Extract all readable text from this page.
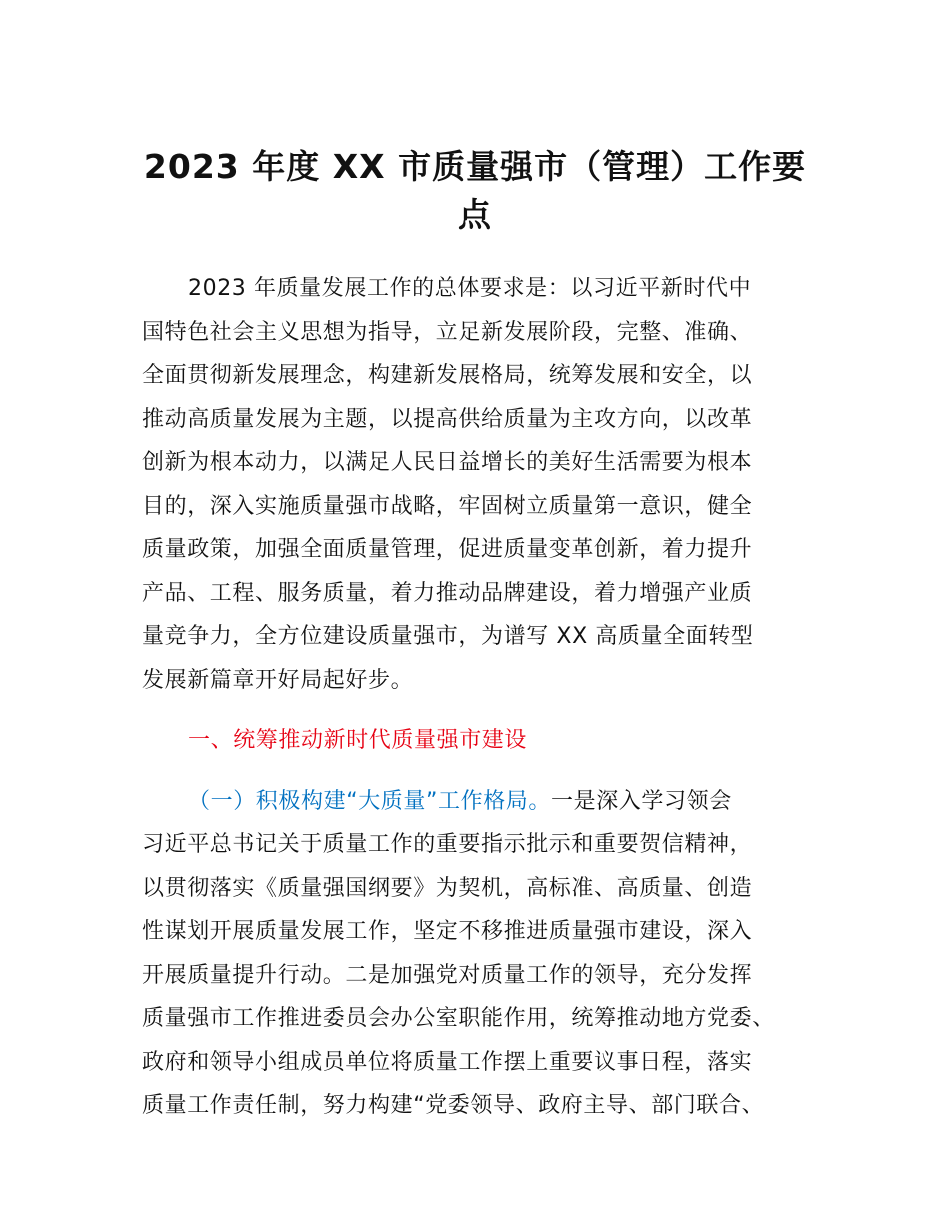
2023 年度 XX 市质量强市（管理）工作要
点
2023 年质量发展工作的总体要求是：以习近平新时代中
国特色社会主义思想为指导，立足新发展阶段，完整、准确、
全面贯彻新发展理念，构建新发展格局，统筹发展和安全，以
推动高质量发展为主题，以提高供给质量为主攻方向，以改革
创新为根本动力，以满足人民日益增长的美好生活需要为根本
目的，深入实施质量强市战略，牢固树立质量第一意识，健全
质量政策，加强全面质量管理，促进质量变革创新，着力提升
产品、工程、服务质量，着力推动品牌建设，着力增强产业质
量竞争力，全方位建设质量强市，为谱写 XX 高质量全面转型
发展新篇章开好局起好步。
一、统筹推动新时代质量强市建设
（一）积极构建“大质量”工作格局。一是深入学习领会
习近平总书记关于质量工作的重要指示批示和重要贺信精神，
以贯彻落实《质量强国纲要》为契机，高标准、高质量、创造
性谋划开展质量发展工作，坚定不移推进质量强市建设，深入
开展质量提升行动。二是加强党对质量工作的领导，充分发挥
质量强市工作推进委员会办公室职能作用，统筹推动地方党委、
政府和领导小组成员单位将质量工作摆上重要议事日程，落实
质量工作责任制，努力构建“党委领导、政府主导、部门联合、
